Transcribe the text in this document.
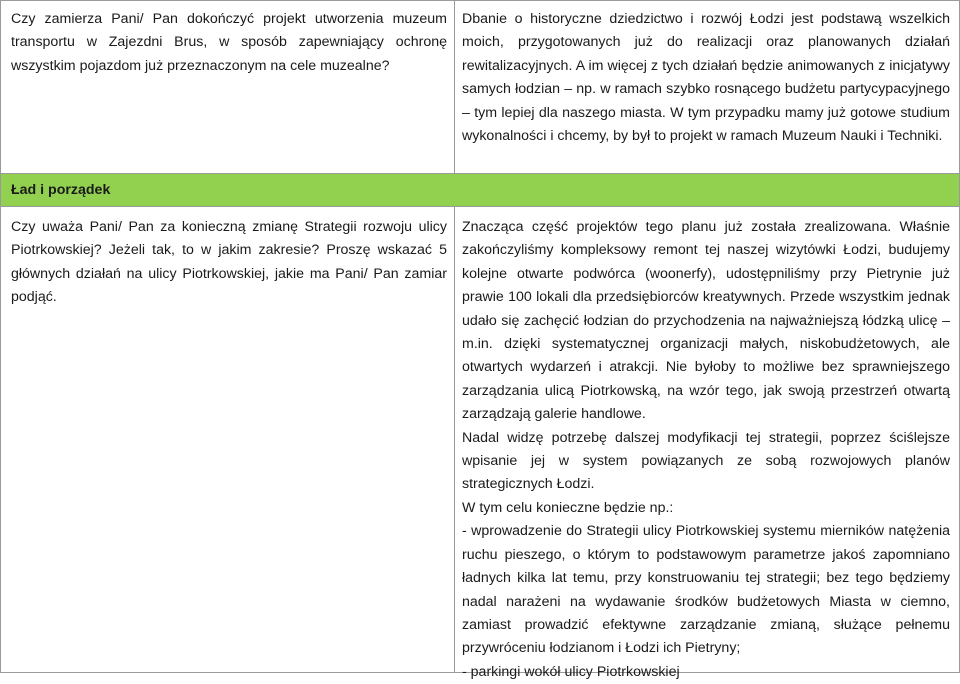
Czy zamierza Pani/ Pan dokończyć projekt utworzenia muzeum transportu w Zajezdni Brus, w sposób zapewniający ochronę wszystkim pojazdom już przeznaczonym na cele muzealne?

Dbanie o historyczne dziedzictwo i rozwój Łodzi jest podstawą wszelkich moich, przygotowanych już do realizacji oraz planowanych działań rewitalizacyjnych. A im więcej z tych działań będzie animowanych z inicjatywy samych łodzian – np. w ramach szybko rosnącego budżetu partycypacyjnego – tym lepiej dla naszego miasta. W tym przypadku mamy już gotowe studium wykonalności i chcemy, by był to projekt w ramach Muzeum Nauki i Techniki.

Ład i porządek

Czy uważa Pani/ Pan za konieczną zmianę Strategii rozwoju ulicy Piotrkowskiej? Jeżeli tak, to w jakim zakresie? Proszę wskazać 5 głównych działań na ulicy Piotrkowskiej, jakie ma Pani/ Pan zamiar podjąć.

Znacząca część projektów tego planu już została zrealizowana. Właśnie zakończyliśmy kompleksowy remont tej naszej wizytówki Łodzi, budujemy kolejne otwarte podwórca (woonerfy), udostępniliśmy przy Pietrynie już prawie 100 lokali dla przedsiębiorców kreatywnych. Przede wszystkim jednak udało się zachęcić łodzian do przychodzenia na najważniejszą łódzką ulicę – m.in. dzięki systematycznej organizacji małych, niskobudżetowych, ale otwartych wydarzeń i atrakcji. Nie byłoby to możliwe bez sprawniejszego zarządzania ulicą Piotrkowską, na wzór tego, jak swoją przestrzeń otwartą zarządzają galerie handlowe.

Nadal widzę potrzebę dalszej modyfikacji tej strategii, poprzez ściślejsze wpisanie jej w system powiązanych ze sobą rozwojowych planów strategicznych Łodzi.

W tym celu konieczne będzie np.:

- wprowadzenie do Strategii ulicy Piotrkowskiej systemu mierników natężenia ruchu pieszego, o którym to podstawowym parametrze jakoś zapomniano ładnych kilka lat temu, przy konstruowaniu tej strategii; bez tego będziemy nadal narażeni na wydawanie środków budżetowych Miasta w ciemno, zamiast prowadzić efektywne zarządzanie zmianą, służące pełnemu przywróceniu łodzianom i Łodzi ich Pietryny;

- parkingi wokół ulicy Piotrkowskiej
